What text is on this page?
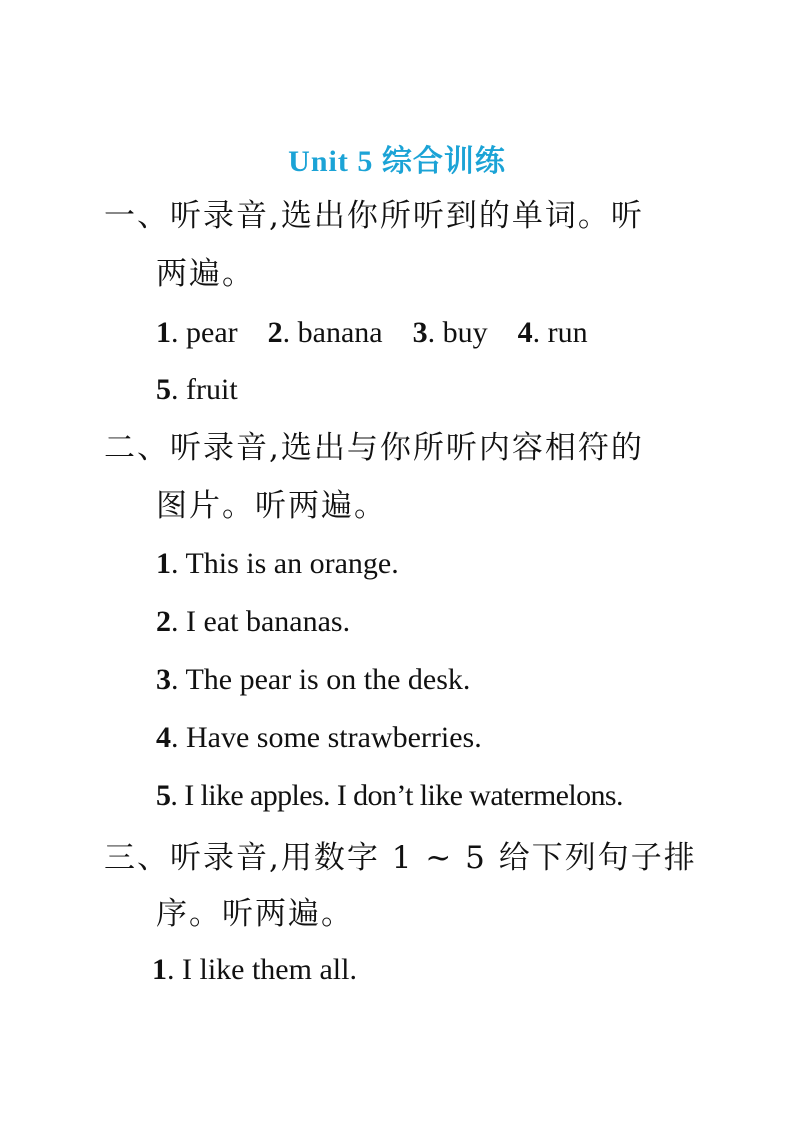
Unit 5 综合训练
一、听录音,选出你所听到的单词。听
两遍。
1. pear 2. banana 3. buy 4. run
5. fruit
二、听录音,选出与你所听内容相符的
图片。听两遍。
1. This is an orange.
2. I eat bananas.
3. The pear is on the desk.
4. Have some strawberries.
5. I like apples. I don’t like watermelons.
三、听录音,用数字 1 ~ 5 给下列句子排
序。听两遍。
1. I like them all.
